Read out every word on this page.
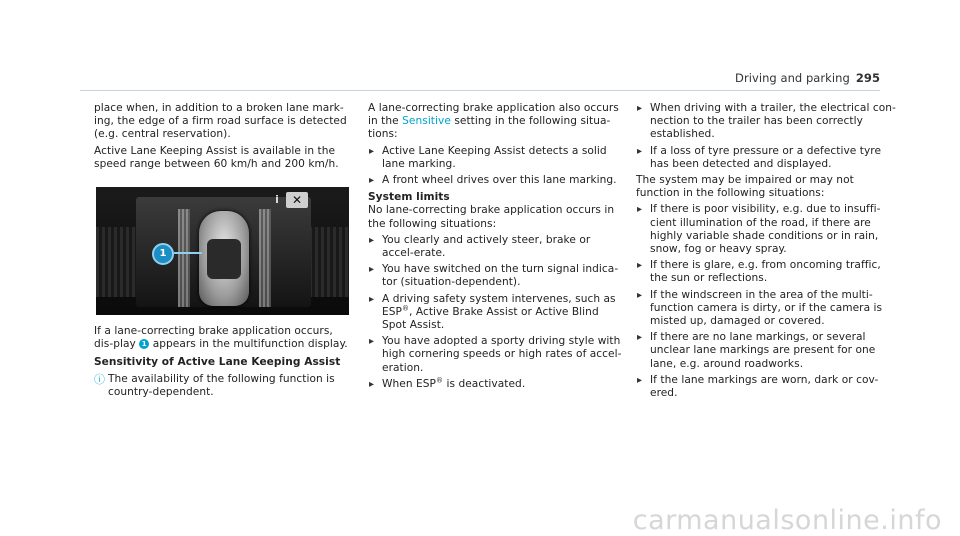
Driving and parking 295

place when, in addition to a broken lane mark-ing, the edge of a firm road surface is detected (e.g. central reservation).

Active Lane Keeping Assist is available in the speed range between 60 km/h and 200 km/h.

i	✕
1

If a lane-correcting brake application occurs, dis-play 1 appears in the multifunction display.

Sensitivity of Active Lane Keeping Assist

ⓘ The availability of the following function is country-dependent.

A lane-correcting brake application also occurs in the Sensitive setting in the following situa-tions:

▸ Active Lane Keeping Assist detects a solid lane marking.
▸ A front wheel drives over this lane marking.

System limits

No lane-correcting brake application occurs in the following situations:

▸ You clearly and actively steer, brake or accel-erate.
▸ You have switched on the turn signal indica-tor (situation-dependent).
▸ A driving safety system intervenes, such as ESP®, Active Brake Assist or Active Blind Spot Assist.
▸ You have adopted a sporty driving style with high cornering speeds or high rates of accel-eration.
▸ When ESP® is deactivated.
▸ When driving with a trailer, the electrical con-nection to the trailer has been correctly established.
▸ If a loss of tyre pressure or a defective tyre has been detected and displayed.

The system may be impaired or may not function in the following situations:

▸ If there is poor visibility, e.g. due to insuffi-cient illumination of the road, if there are highly variable shade conditions or in rain, snow, fog or heavy spray.
▸ If there is glare, e.g. from oncoming traffic, the sun or reflections.
▸ If the windscreen in the area of the multi-function camera is dirty, or if the camera is misted up, damaged or covered.
▸ If there are no lane markings, or several unclear lane markings are present for one lane, e.g. around roadworks.
▸ If the lane markings are worn, dark or cov-ered.
carmanualsonline.info
